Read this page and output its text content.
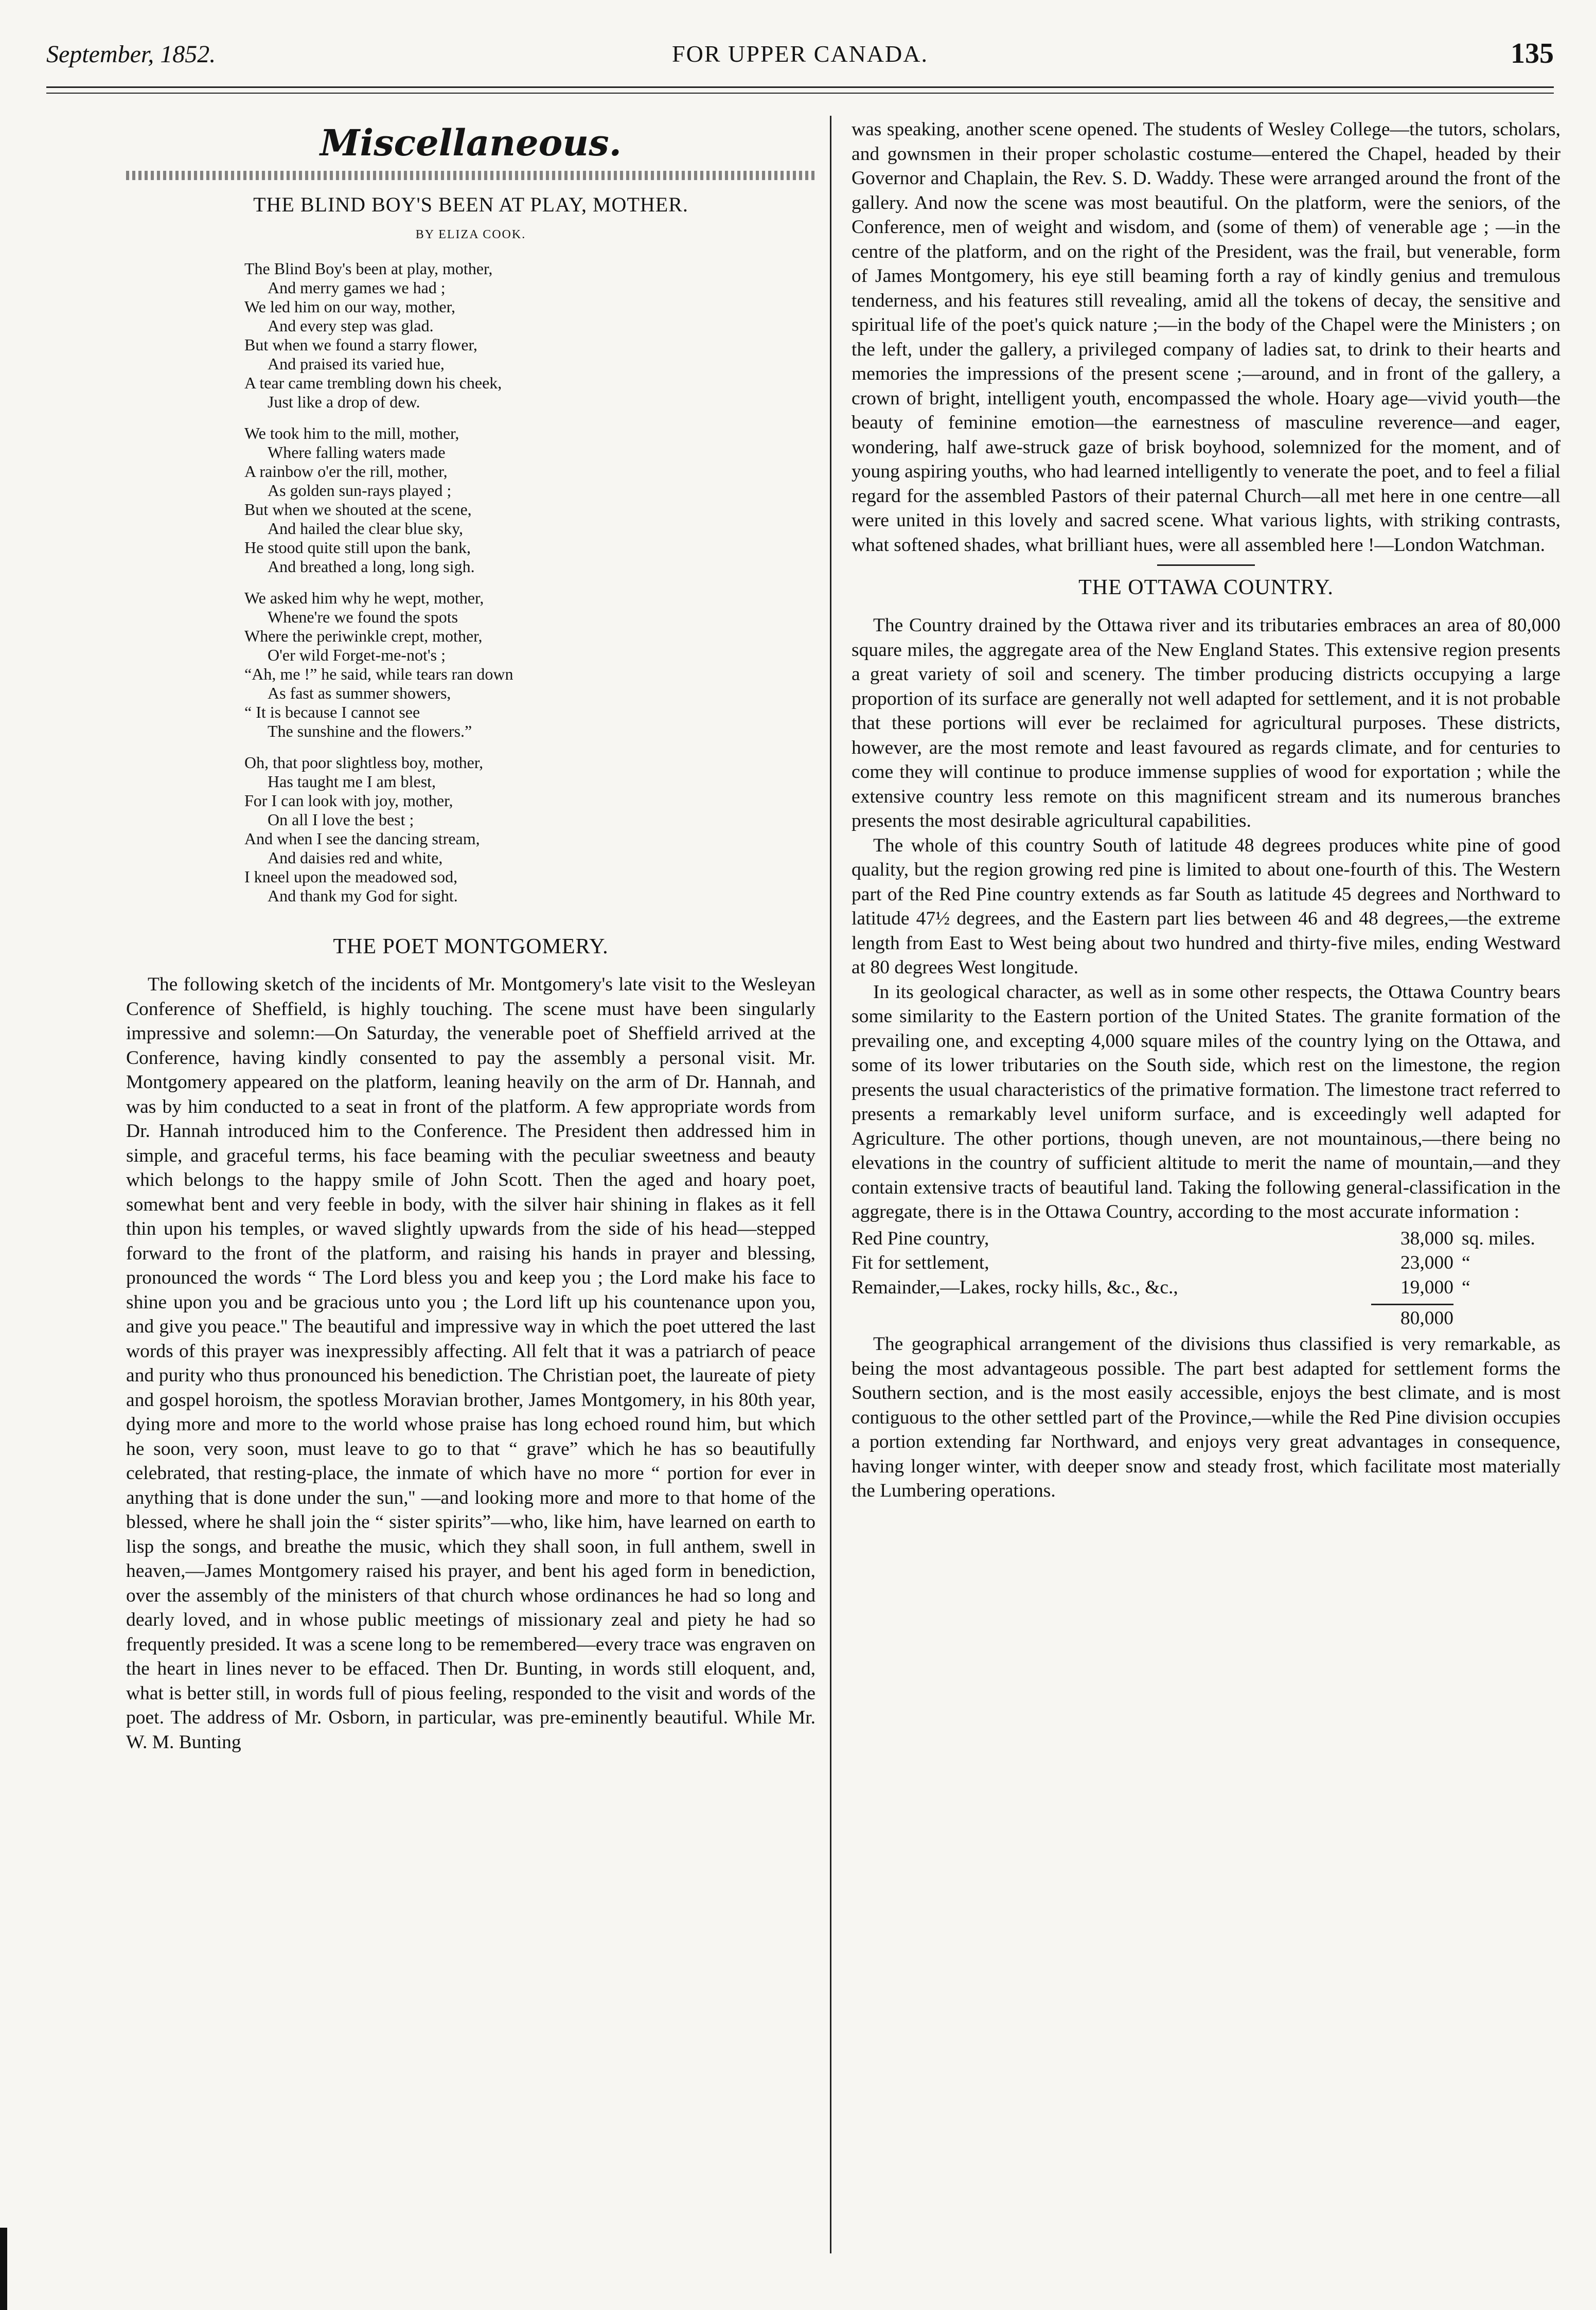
September, 1852.	FOR UPPER CANADA.	135
Miscellaneous.
THE BLIND BOY'S BEEN AT PLAY, MOTHER.
BY ELIZA COOK.
The Blind Boy's been at play, mother,
And merry games we had ;
We led him on our way, mother,
And every step was glad.
But when we found a starry flower,
And praised its varied hue,
A tear came trembling down his cheek,
Just like a drop of dew.
We took him to the mill, mother,
Where falling waters made
A rainbow o'er the rill, mother,
As golden sun-rays played ;
But when we shouted at the scene,
And hailed the clear blue sky,
He stood quite still upon the bank,
And breathed a long, long sigh.
We asked him why he wept, mother,
Whene're we found the spots
Where the periwinkle crept, mother,
O'er wild Forget-me-not's ;
“Ah, me !” he said, while tears ran down
As fast as summer showers,
“ It is because I cannot see
The sunshine and the flowers.”
Oh, that poor slightless boy, mother,
Has taught me I am blest,
For I can look with joy, mother,
On all I love the best ;
And when I see the dancing stream,
And daisies red and white,
I kneel upon the meadowed sod,
And thank my God for sight.
THE POET MONTGOMERY.

The following sketch of the incidents of Mr. Montgomery's late visit to the Wesleyan Conference of Sheffield, is highly touching. The scene must have been singularly impressive and solemn:—On Saturday, the venerable poet of Sheffield arrived at the Conference, having kindly consented to pay the assembly a personal visit. Mr. Montgomery appeared on the platform, leaning heavily on the arm of Dr. Hannah, and was by him conducted to a seat in front of the platform. A few appropriate words from Dr. Hannah introduced him to the Conference. The President then addressed him in simple, and graceful terms, his face beaming with the peculiar sweetness and beauty which belongs to the happy smile of John Scott. Then the aged and hoary poet, somewhat bent and very feeble in body, with the silver hair shining in flakes as it fell thin upon his temples, or waved slightly upwards from the side of his head—stepped forward to the front of the platform, and raising his hands in prayer and blessing, pronounced the words “ The Lord bless you and keep you ; the Lord make his face to shine upon you and be gracious unto you ; the Lord lift up his countenance upon you, and give you peace.'' The beautiful and impressive way in which the poet uttered the last words of this prayer was inexpressibly affecting. All felt that it was a patriarch of peace and purity who thus pronounced his benediction. The Christian poet, the laureate of piety and gospel horoism, the spotless Moravian brother, James Montgomery, in his 80th year, dying more and more to the world whose praise has long echoed round him, but which he soon, very soon, must leave to go to that “ grave” which he has so beautifully celebrated, that resting-place, the inmate of which have no more “ portion for ever in anything that is done under the sun,'' —and looking more and more to that home of the blessed, where he shall join the “ sister spirits”—who, like him, have learned on earth to lisp the songs, and breathe the music, which they shall soon, in full anthem, swell in heaven,—James Montgomery raised his prayer, and bent his aged form in benediction, over the assembly of the ministers of that church whose ordinances he had so long and dearly loved, and in whose public meetings of missionary zeal and piety he had so frequently presided. It was a scene long to be remembered—every trace was engraven on the heart in lines never to be effaced. Then Dr. Bunting, in words still eloquent, and, what is better still, in words full of pious feeling, responded to the visit and words of the poet. The address of Mr. Osborn, in particular, was pre-eminently beautiful. While Mr. W. M. Bunting

was speaking, another scene opened. The students of Wesley College—the tutors, scholars, and gownsmen in their proper scholastic costume—entered the Chapel, headed by their Governor and Chaplain, the Rev. S. D. Waddy. These were arranged around the front of the gallery. And now the scene was most beautiful. On the platform, were the seniors, of the Conference, men of weight and wisdom, and (some of them) of venerable age ; —in the centre of the platform, and on the right of the President, was the frail, but venerable, form of James Montgomery, his eye still beaming forth a ray of kindly genius and tremulous tenderness, and his features still revealing, amid all the tokens of decay, the sensitive and spiritual life of the poet's quick nature ;—in the body of the Chapel were the Ministers ; on the left, under the gallery, a privileged company of ladies sat, to drink to their hearts and memories the impressions of the present scene ;—around, and in front of the gallery, a crown of bright, intelligent youth, encompassed the whole. Hoary age—vivid youth—the beauty of feminine emotion—the earnestness of masculine reverence—and eager, wondering, half awe-struck gaze of brisk boyhood, solemnized for the moment, and of young aspiring youths, who had learned intelligently to venerate the poet, and to feel a filial regard for the assembled Pastors of their paternal Church—all met here in one centre—all were united in this lovely and sacred scene. What various lights, with striking contrasts, what softened shades, what brilliant hues, were all assembled here !—London Watchman.

THE OTTAWA COUNTRY.

The Country drained by the Ottawa river and its tributaries embraces an area of 80,000 square miles, the aggregate area of the New England States. This extensive region presents a great variety of soil and scenery. The timber producing districts occupying a large proportion of its surface are generally not well adapted for settlement, and it is not probable that these portions will ever be reclaimed for agricultural purposes. These districts, however, are the most remote and least favoured as regards climate, and for centuries to come they will continue to produce immense supplies of wood for exportation ; while the extensive country less remote on this magnificent stream and its numerous branches presents the most desirable agricultural capabilities.

The whole of this country South of latitude 48 degrees produces white pine of good quality, but the region growing red pine is limited to about one-fourth of this. The Western part of the Red Pine country extends as far South as latitude 45 degrees and Northward to latitude 47½ degrees, and the Eastern part lies between 46 and 48 degrees,—the extreme length from East to West being about two hundred and thirty-five miles, ending Westward at 80 degrees West longitude.

In its geological character, as well as in some other respects, the Ottawa Country bears some similarity to the Eastern portion of the United States. The granite formation of the prevailing one, and excepting 4,000 square miles of the country lying on the Ottawa, and some of its lower tributaries on the South side, which rest on the limestone, the region presents the usual characteristics of the primative formation. The limestone tract referred to presents a remarkably level uniform surface, and is exceedingly well adapted for Agriculture. The other portions, though uneven, are not mountainous,—there being no elevations in the country of sufficient altitude to merit the name of mountain,—and they contain extensive tracts of beautiful land. Taking the following general-classification in the aggregate, there is in the Ottawa Country, according to the most accurate information :

Red Pine country,	38,000 sq. miles.
Fit for settlement,	23,000 “
Remainder,—Lakes, rocky hills, &c., &c.,	19,000 “
80,000

The geographical arrangement of the divisions thus classified is very remarkable, as being the most advantageous possible. The part best adapted for settlement forms the Southern section, and is the most easily accessible, enjoys the best climate, and is most contiguous to the other settled part of the Province,—while the Red Pine division occupies a portion extending far Northward, and enjoys very great advantages in consequence, having longer winter, with deeper snow and steady frost, which facilitate most materially the Lumbering operations.
